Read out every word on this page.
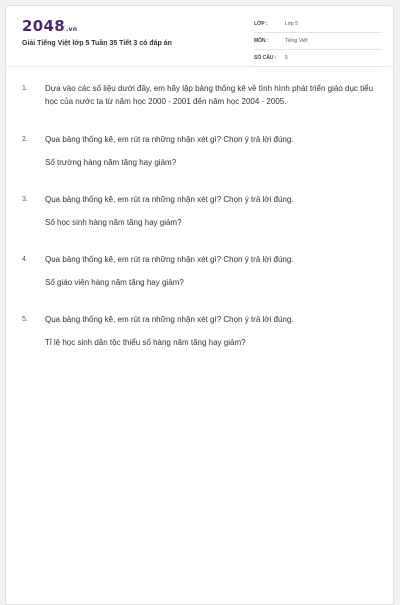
2048.vn
Giải Tiếng Việt lớp 5 Tuần 35 Tiết 3 có đáp án
LỚP :	Lớp 5
MÔN :	Tiếng Việt
SỐ CÂU : 5
1. Dựa vào các số liệu dưới đây, em hãy lập bảng thống kê về tình hình phát triển giáo dục tiểu học của nước ta từ năm học 2000 - 2001 đến năm học 2004 - 2005.
2. Qua bảng thống kê, em rút ra những nhận xét gì? Chọn ý trả lời đúng.
Số trường hàng năm tăng hay giảm?
3. Qua bảng thống kê, em rút ra những nhận xét gì? Chọn ý trả lời đúng.
Số học sinh hàng năm tăng hay giảm?
4. Qua bảng thống kê, em rút ra những nhận xét gì? Chọn ý trả lời đúng.
Số giáo viên hàng năm tăng hay giảm?
5. Qua bảng thống kê, em rút ra những nhận xét gì? Chọn ý trả lời đúng.
Tỉ lệ học sinh dân tộc thiểu số hàng năm tăng hay giảm?
